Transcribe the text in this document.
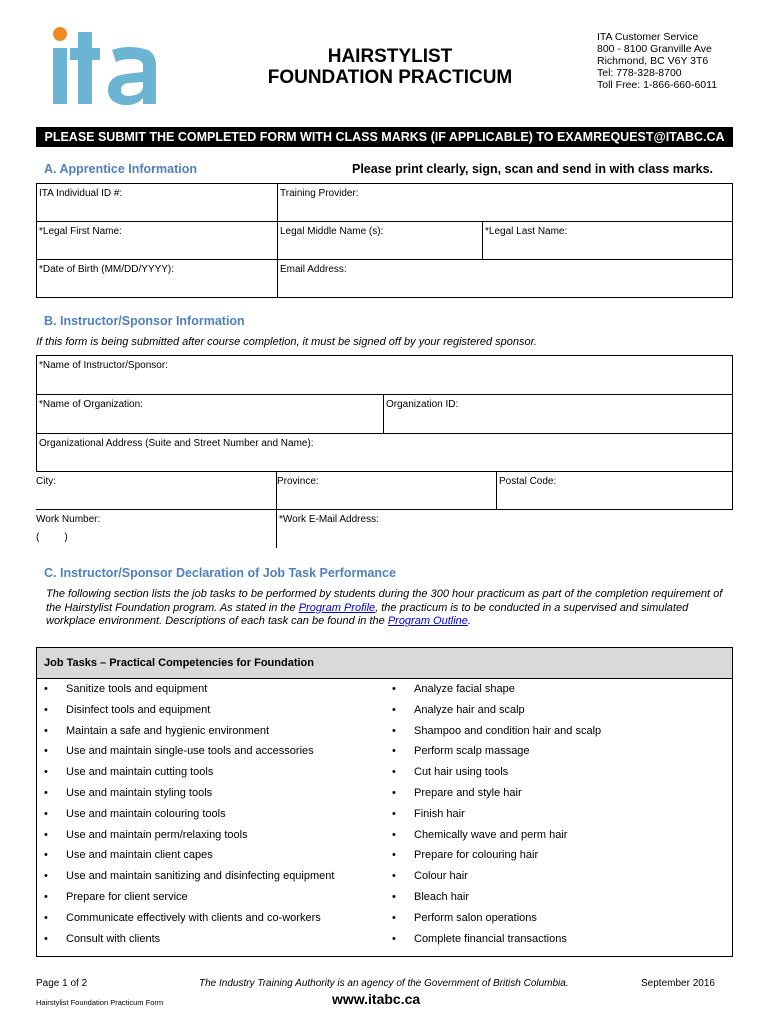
ita
HAIRSTYLIST
FOUNDATION PRACTICUM
ITA Customer Service
800 - 8100 Granville Ave
Richmond, BC V6Y 3T6
Tel: 778-328-8700
Toll Free: 1-866-660-6011
PLEASE SUBMIT THE COMPLETED FORM WITH CLASS MARKS (IF APPLICABLE) TO EXAMREQUEST@ITABC.CA
A. Apprentice Information	Please print clearly, sign, scan and send in with class marks.
ITA Individual ID #:	Training Provider:
*Legal First Name:	Legal Middle Name (s):	*Legal Last Name:
*Date of Birth (MM/DD/YYYY):	Email Address:
B. Instructor/Sponsor Information
If this form is being submitted after course completion, it must be signed off by your registered sponsor.
*Name of Instructor/Sponsor:
*Name of Organization:	Organization ID:
Organizational Address (Suite and Street Number and Name):
City:	Province:	Postal Code:
Work Number:
(         )
*Work E-Mail Address:
C. Instructor/Sponsor Declaration of Job Task Performance
The following section lists the job tasks to be performed by students during the 300 hour practicum as part of the completion requirement of the Hairstylist Foundation program. As stated in the Program Profile, the practicum is to be conducted in a supervised and simulated workplace environment. Descriptions of each task can be found in the Program Outline.
Job Tasks – Practical Competencies for Foundation
• Sanitize tools and equipment
• Disinfect tools and equipment
• Maintain a safe and hygienic environment
• Use and maintain single-use tools and accessories
• Use and maintain cutting tools
• Use and maintain styling tools
• Use and maintain colouring tools
• Use and maintain perm/relaxing tools
• Use and maintain client capes
• Use and maintain sanitizing and disinfecting equipment
• Prepare for client service
• Communicate effectively with clients and co-workers
• Consult with clients
• Analyze facial shape
• Analyze hair and scalp
• Shampoo and condition hair and scalp
• Perform scalp massage
• Cut hair using tools
• Prepare and style hair
• Finish hair
• Chemically wave and perm hair
• Prepare for colouring hair
• Colour hair
• Bleach hair
• Perform salon operations
• Complete financial transactions
Page 1 of 2
Hairstylist Foundation Practicum Form
The Industry Training Authority is an agency of the Government of British Columbia.
www.itabc.ca
September 2016
